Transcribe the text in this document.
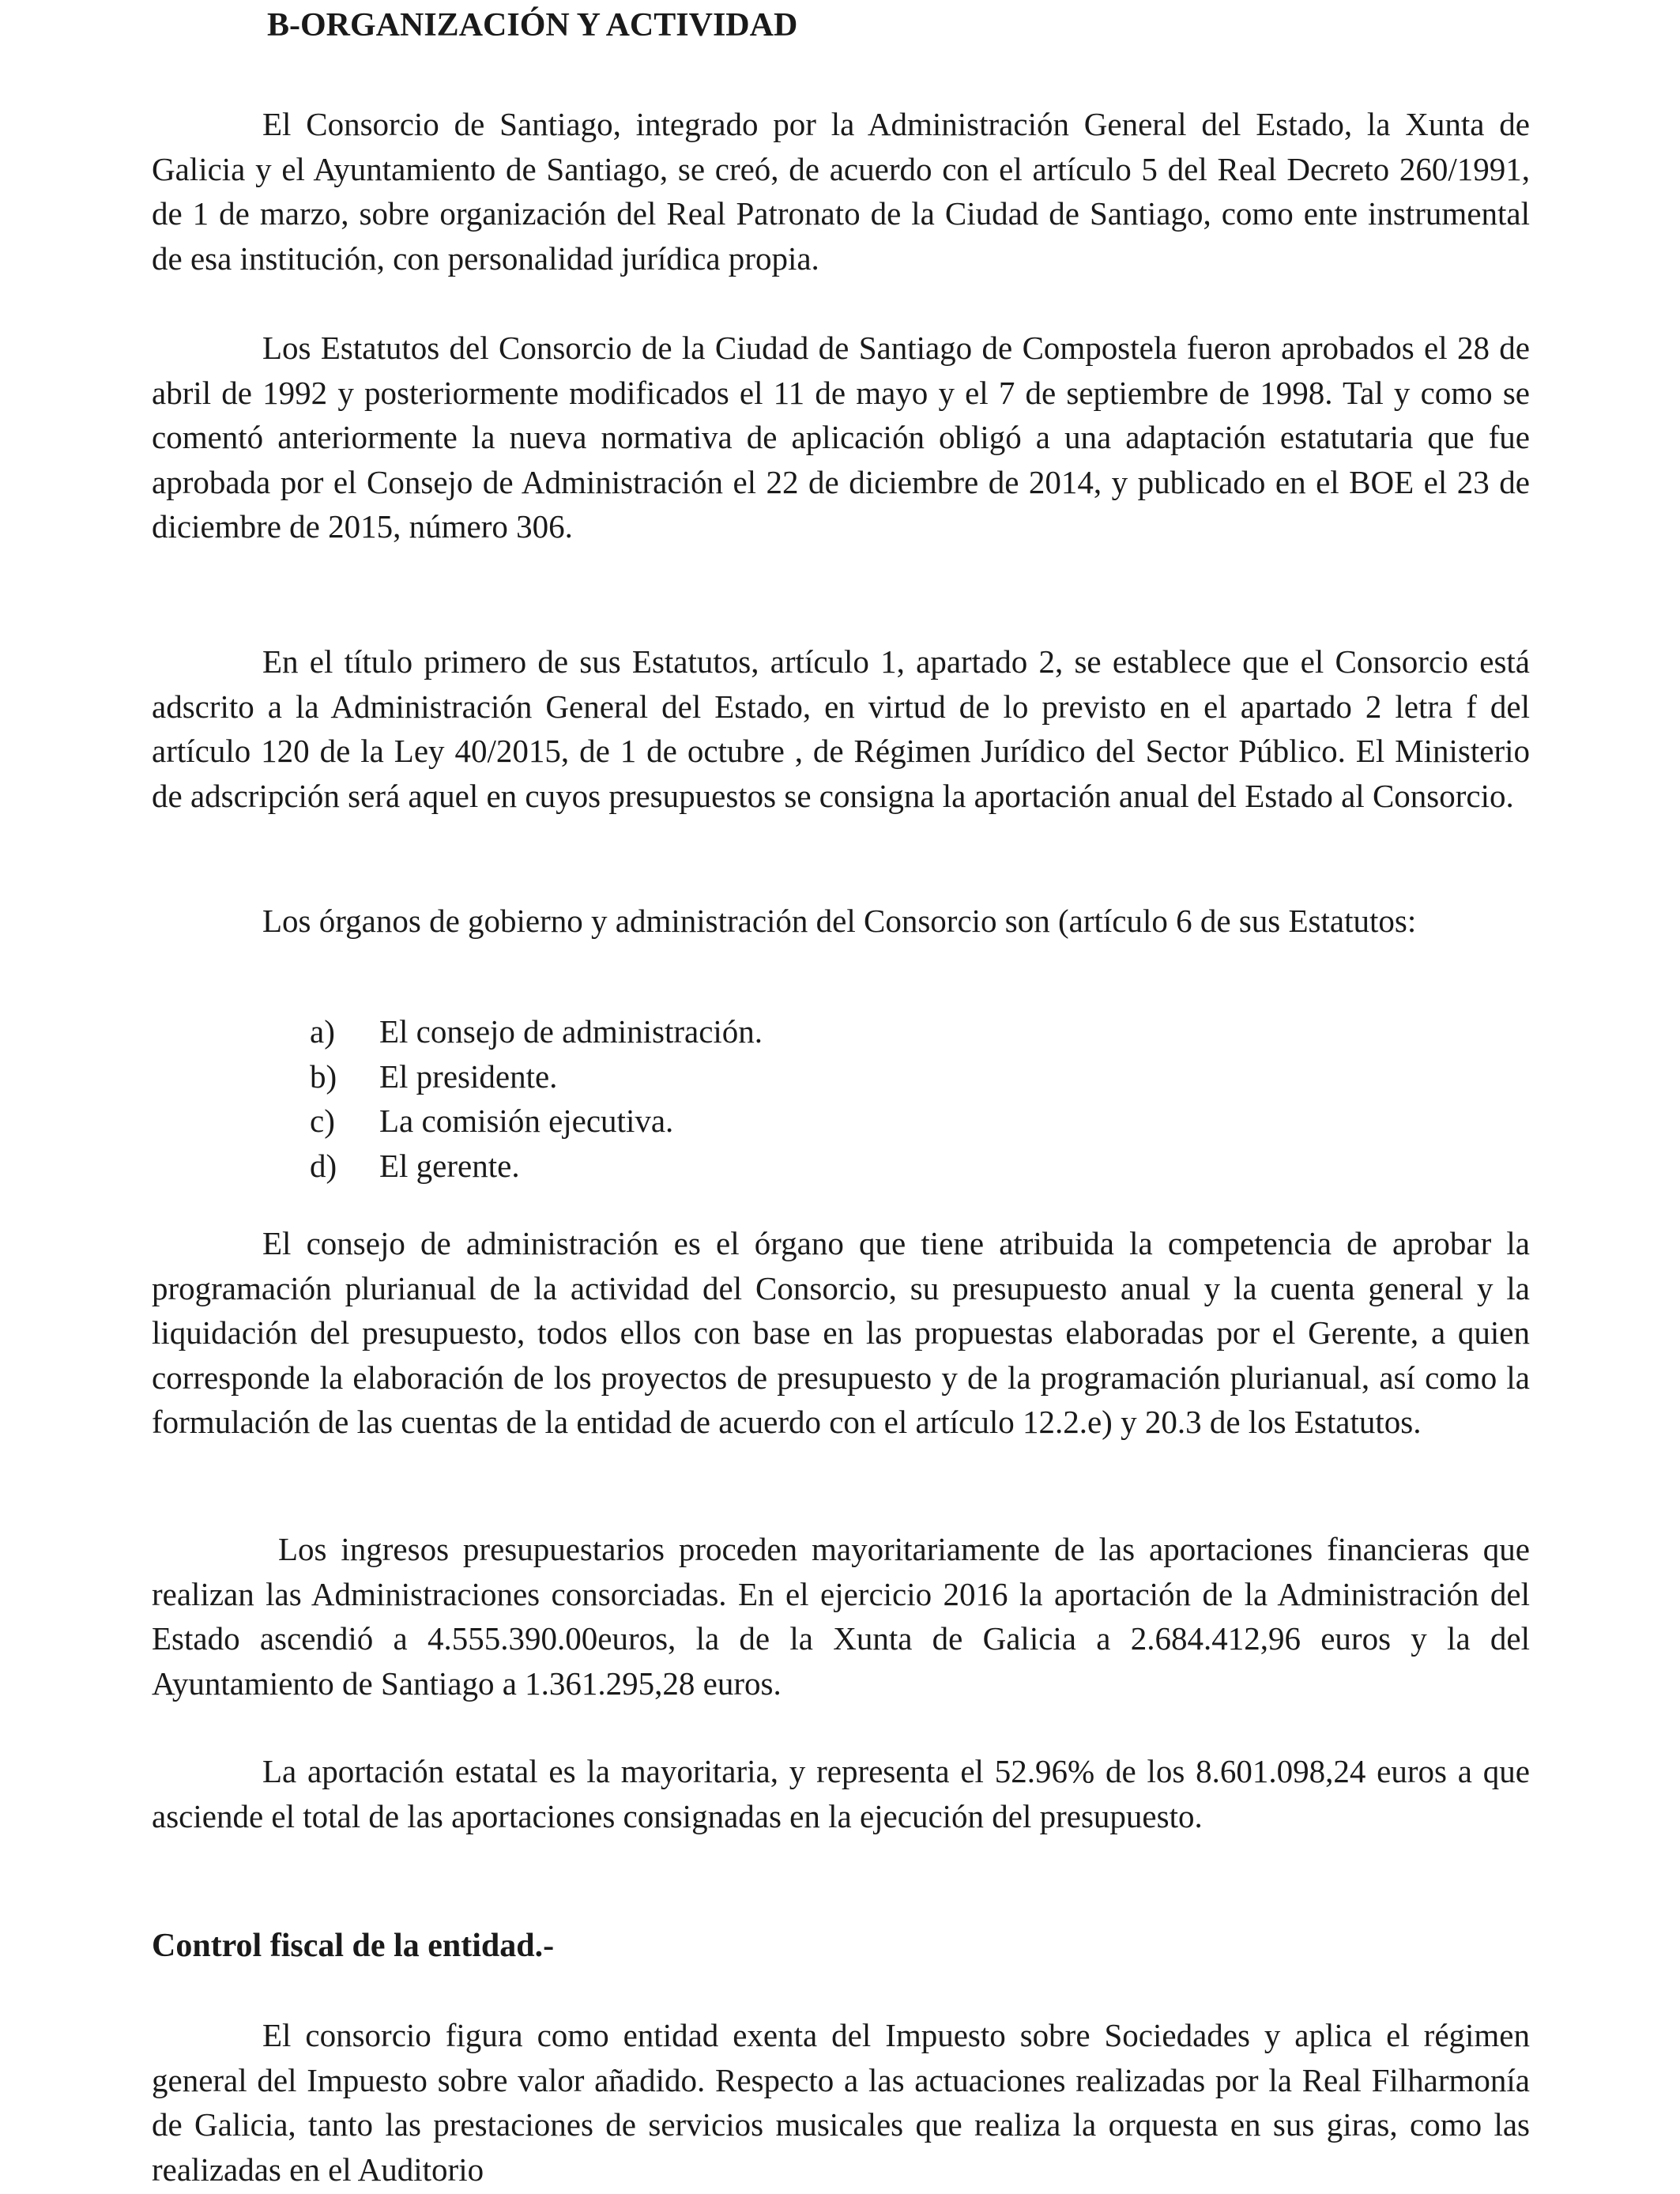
B-ORGANIZACIÓN Y ACTIVIDAD

El Consorcio de Santiago, integrado por la Administración General del Estado, la Xunta de Galicia y el Ayuntamiento de Santiago, se creó, de acuerdo con el artículo 5 del Real Decreto 260/1991, de 1 de marzo, sobre organización del Real Patronato de la Ciudad de Santiago, como ente instrumental de esa institución, con personalidad jurídica propia.

Los Estatutos del Consorcio de la Ciudad de Santiago de Compostela fueron aprobados el 28 de abril de 1992 y posteriormente modificados el 11 de mayo y el 7 de septiembre de 1998. Tal y como se comentó anteriormente la nueva normativa de aplicación obligó a una adaptación estatutaria que fue aprobada por el Consejo de Administración el 22 de diciembre de 2014, y publicado en el BOE el 23 de diciembre de 2015, número 306.

En el título primero de sus Estatutos, artículo 1, apartado 2, se establece que el Consorcio está adscrito a la Administración General del Estado, en virtud de lo previsto en el apartado 2 letra f del artículo 120 de la Ley 40/2015, de 1 de octubre , de Régimen Jurídico del Sector Público. El Ministerio de adscripción será aquel en cuyos presupuestos se consigna la aportación anual del Estado al Consorcio.

Los órganos de gobierno y administración del Consorcio son (artículo 6 de sus Estatutos:

a) El consejo de administración.
b) El presidente.
c) La comisión ejecutiva.
d) El gerente.

El consejo de administración es el órgano que tiene atribuida la competencia de aprobar la programación plurianual de la actividad del Consorcio, su presupuesto anual y la cuenta general y la liquidación del presupuesto, todos ellos con base en las propuestas elaboradas por el Gerente, a quien corresponde la elaboración de los proyectos de presupuesto y de la programación plurianual, así como la formulación de las cuentas de la entidad de acuerdo con el artículo 12.2.e) y 20.3 de los Estatutos.

Los ingresos presupuestarios proceden mayoritariamente de las aportaciones financieras que realizan las Administraciones consorciadas. En el ejercicio 2016 la aportación de la Administración del Estado ascendió a 4.555.390.00euros, la de la Xunta de Galicia a 2.684.412,96 euros y la del Ayuntamiento de Santiago a 1.361.295,28 euros.

La aportación estatal es la mayoritaria, y representa el 52.96% de los 8.601.098,24 euros a que asciende el total de las aportaciones consignadas en la ejecución del presupuesto.

Control fiscal de la entidad.-

El consorcio figura como entidad exenta del Impuesto sobre Sociedades y aplica el régimen general del Impuesto sobre valor añadido. Respecto a las actuaciones realizadas por la Real Filharmonía de Galicia, tanto las prestaciones de servicios musicales que realiza la orquesta en sus giras, como las realizadas en el Auditorio
